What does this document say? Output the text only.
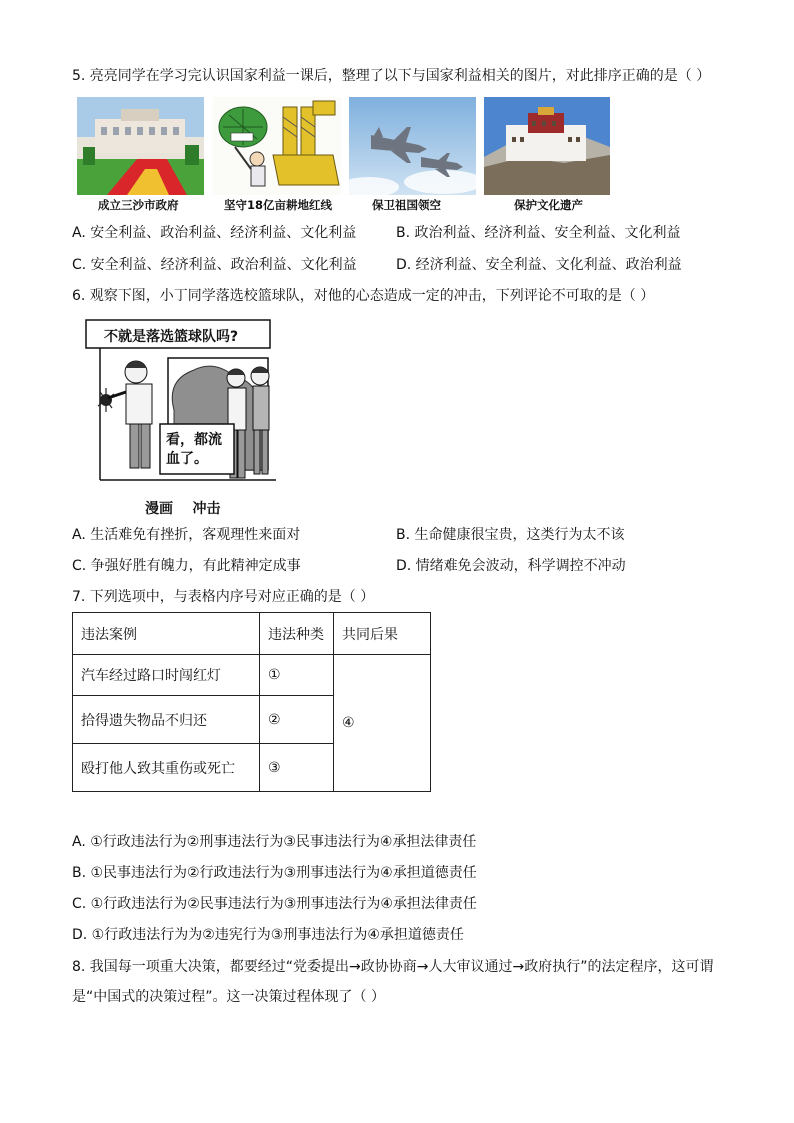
5. 亮亮同学在学习完认识国家利益一课后，整理了以下与国家利益相关的图片，对此排序正确的是（ ）
成立三沙市政府	坚守18亿亩耕地红线	保卫祖国领空	保护文化遗产
A. 安全利益、政治利益、经济利益、文化利益	B. 政治利益、经济利益、安全利益、文化利益
C. 安全利益、经济利益、政治利益、文化利益	D. 经济利益、安全利益、文化利益、政治利益
6. 观察下图，小丁同学落选校篮球队，对他的心态造成一定的冲击，下列评论不可取的是（ ）
不就是落选篮球队吗?
看，都流
血了。
漫画    冲击
A. 生活难免有挫折，客观理性来面对	B. 生命健康很宝贵，这类行为太不该
C. 争强好胜有魄力，有此精神定成事	D. 情绪难免会波动，科学调控不冲动
7. 下列选项中，与表格内序号对应正确的是（ ）
违法案例	违法种类	共同后果
汽车经过路口时闯红灯	①	④
拾得遗失物品不归还	②	
殴打他人致其重伤或死亡	③	
A. ①行政违法行为②刑事违法行为③民事违法行为④承担法律责任
B. ①民事违法行为②行政违法行为③刑事违法行为④承担道德责任
C. ①行政违法行为②民事违法行为③刑事违法行为④承担法律责任
D. ①行政违法行为为②违宪行为③刑事违法行为④承担道德责任
8. 我国每一项重大决策，都要经过“党委提出→政协协商→人大审议通过→政府执行”的法定程序，这可谓
是“中国式的决策过程”。这一决策过程体现了（ ）
